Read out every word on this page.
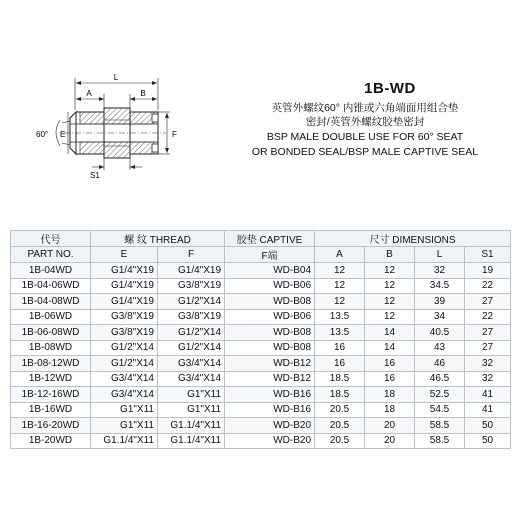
L
A	B
60° E	F
S1
1B-WD
英管外螺纹60° 内锥或六角端面用组合垫
密封/英管外螺纹胶垫密封
BSP MALE DOUBLE USE FOR 60° SEAT
OR BONDED SEAL/BSP MALE CAPTIVE SEAL
代号	螺 纹 THREAD		胶垫 CAPTIVE	尺寸 DIMENSIONS			
PART NO.	E	F	F端	A	B	L	S1
1B-04WD	G1/4"X19	G1/4"X19	WD-B04	12	12	32	19
1B-04-06WD	G1/4"X19	G3/8"X19	WD-B06	12	12	34.5	22
1B-04-08WD	G1/4"X19	G1/2"X14	WD-B08	12	12	39	27
1B-06WD	G3/8"X19	G3/8"X19	WD-B06	13.5	12	34	22
1B-06-08WD	G3/8"X19	G1/2"X14	WD-B08	13.5	14	40.5	27
1B-08WD	G1/2"X14	G1/2"X14	WD-B08	16	14	43	27
1B-08-12WD	G1/2"X14	G3/4"X14	WD-B12	16	16	46	32
1B-12WD	G3/4"X14	G3/4"X14	WD-B12	18.5	16	46.5	32
1B-12-16WD	G3/4"X14	G1"X11	WD-B16	18.5	18	52.5	41
1B-16WD	G1"X11	G1"X11	WD-B16	20.5	18	54.5	41
1B-16-20WD	G1"X11	G1.1/4"X11	WD-B20	20.5	20	58.5	50
1B-20WD	G1.1/4"X11	G1.1/4"X11	WD-B20	20.5	20	58.5	50
